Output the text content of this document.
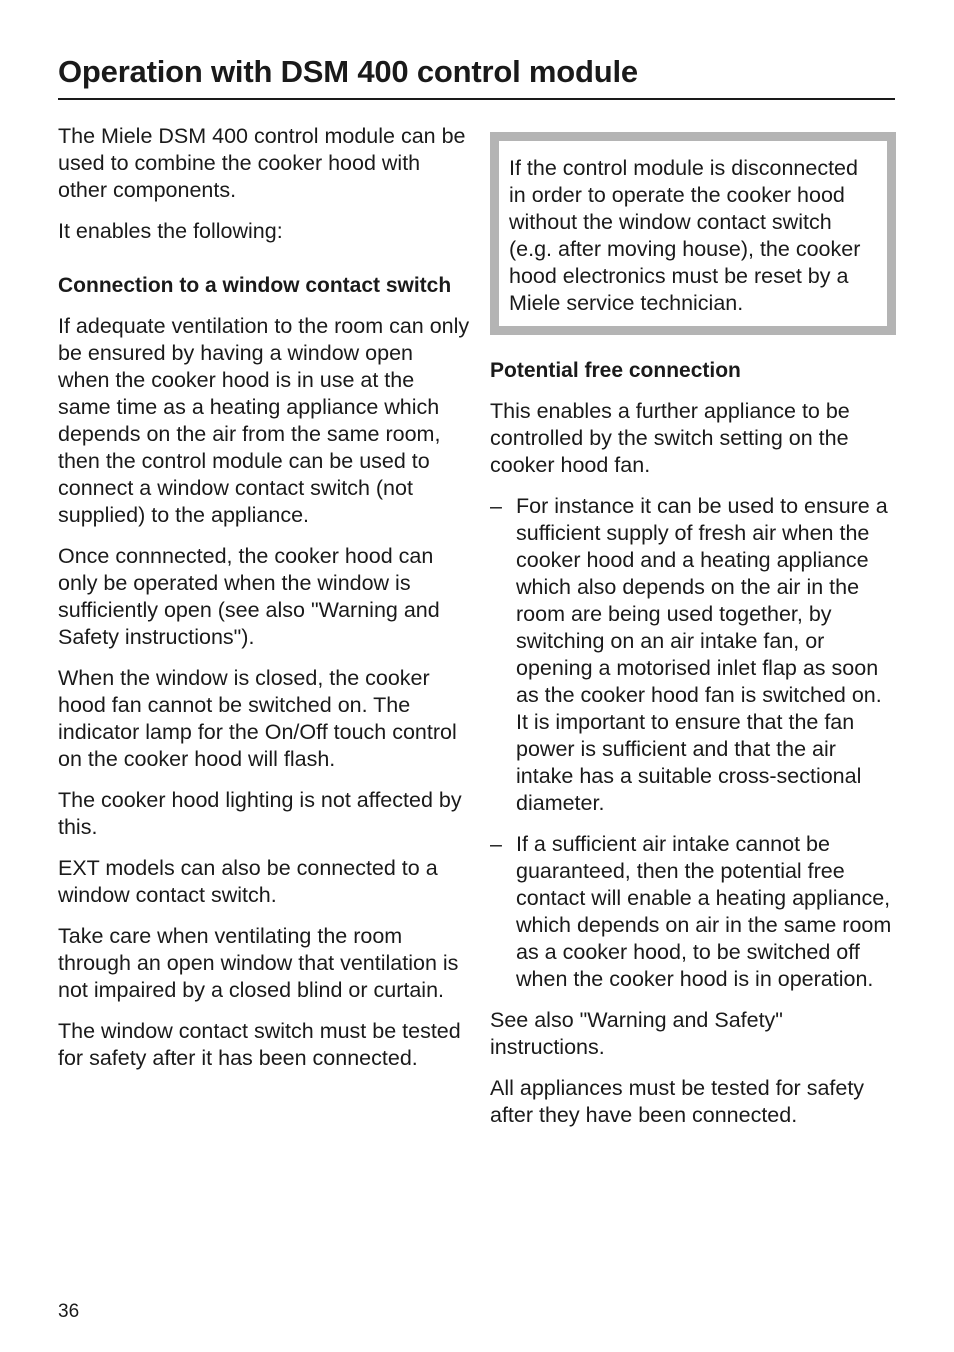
Operation with DSM 400 control module

The Miele DSM 400 control module can be used to combine the cooker hood with other components.

It enables the following:

Connection to a window contact switch

If adequate ventilation to the room can only be ensured by having a window open when the cooker hood is in use at the same time as a heating appliance which depends on the air from the same room, then the control module can be used to connect a window contact switch (not supplied) to the appliance.

Once connnected, the cooker hood can only be operated when the window is sufficiently open (see also "Warning and Safety instructions").

When the window is closed, the cooker hood fan cannot be switched on. The indicator lamp for the On/Off touch control on the cooker hood will flash.

The cooker hood lighting is not affected by this.

EXT models can also be connected to a window contact switch.

Take care when ventilating the room through an open window that ventilation is not impaired by a closed blind or curtain.

The window contact switch must be tested for safety after it has been connected.

If the control module is disconnected in order to operate the cooker hood without the window contact switch (e.g. after moving house), the cooker hood electronics must be reset by a Miele service technician.

Potential free connection

This enables a further appliance to be controlled by the switch setting on the cooker hood fan.

– For instance it can be used to ensure a sufficient supply of fresh air when the cooker hood and a heating appliance which also depends on the air in the room are being used together, by switching on an air intake fan, or opening a motorised inlet flap as soon as the cooker hood fan is switched on.
It is important to ensure that the fan power is sufficient and that the air intake has a suitable cross-sectional diameter.
– If a sufficient air intake cannot be guaranteed, then the potential free contact will enable a heating appliance, which depends on air in the same room as a cooker hood, to be switched off when the cooker hood is in operation.

See also "Warning and Safety" instructions.

All appliances must be tested for safety after they have been connected.

36
